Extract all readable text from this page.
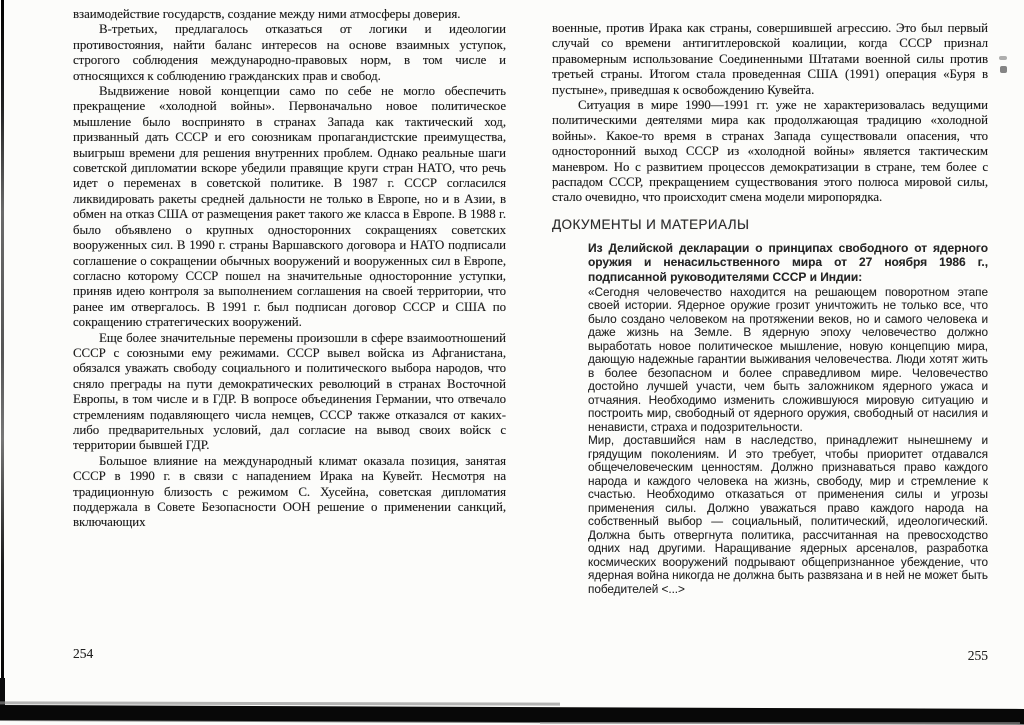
взаимодействие государств, создание между ними атмосферы доверия.

В-третьих, предлагалось отказаться от логики и идеологии противостояния, найти баланс интересов на основе взаимных уступок, строгого соблюдения международно-правовых норм, в том числе и относящихся к соблюдению гражданских прав и свобод.

Выдвижение новой концепции само по себе не могло обеспечить прекращение «холодной войны». Первоначально новое политическое мышление было воспринято в странах Запада как тактический ход, призванный дать СССР и его союзникам пропагандистские преимущества, выигрыш времени для решения внутренних проблем. Однако реальные шаги советской дипломатии вскоре убедили правящие круги стран НАТО, что речь идет о переменах в советской политике. В 1987 г. СССР согласился ликвидировать ракеты средней дальности не только в Европе, но и в Азии, в обмен на отказ США от размещения ракет такого же класса в Европе. В 1988 г. было объявлено о крупных односторонних сокращениях советских вооруженных сил. В 1990 г. страны Варшавского договора и НАТО подписали соглашение о сокращении обычных вооружений и вооруженных сил в Европе, согласно которому СССР пошел на значительные односторонние уступки, приняв идею контроля за выполнением соглашения на своей территории, что ранее им отвергалось. В 1991 г. был подписан договор СССР и США по сокращению стратегических вооружений.

Еще более значительные перемены произошли в сфере взаимоотношений СССР с союзными ему режимами. СССР вывел войска из Афганистана, обязался уважать свободу социального и политического выбора народов, что сняло преграды на пути демократических революций в странах Восточной Европы, в том числе и в ГДР. В вопросе объединения Германии, что отвечало стремлениям подавляющего числа немцев, СССР также отказался от каких-либо предварительных условий, дал согласие на вывод своих войск с территории бывшей ГДР.

Большое влияние на международный климат оказала позиция, занятая СССР в 1990 г. в связи с нападением Ирака на Кувейт. Несмотря на традиционную близость с режимом С. Хусейна, советская дипломатия поддержала в Совете Безопасности ООН решение о применении санкций, включающих

254

военные, против Ирака как страны, совершившей агрессию. Это был первый случай со времени антигитлеровской коалиции, когда СССР признал правомерным использование Соединенными Штатами военной силы против третьей страны. Итогом стала проведенная США (1991) операция «Буря в пустыне», приведшая к освобождению Кувейта.

Ситуация в мире 1990—1991 гг. уже не характеризовалась ведущими политическими деятелями мира как продолжающая традицию «холодной войны». Какое-то время в странах Запада существовали опасения, что односторонний выход СССР из «холодной войны» является тактическим маневром. Но с развитием процессов демократизации в стране, тем более с распадом СССР, прекращением существования этого полюса мировой силы, стало очевидно, что происходит смена модели миропорядка.

ДОКУМЕНТЫ И МАТЕРИАЛЫ

Из Делийской декларации о принципах свободного от ядерного оружия и ненасильственного мира от 27 ноября 1986 г., подписанной руководителями СССР и Индии:

«Сегодня человечество находится на решающем поворотном этапе своей истории. Ядерное оружие грозит уничтожить не только все, что было создано человеком на протяжении веков, но и самого человека и даже жизнь на Земле. В ядерную эпоху человечество должно выработать новое политическое мышление, новую концепцию мира, дающую надежные гарантии выживания человечества. Люди хотят жить в более безопасном и более справедливом мире. Человечество достойно лучшей участи, чем быть заложником ядерного ужаса и отчаяния. Необходимо изменить сложившуюся мировую ситуацию и построить мир, свободный от ядерного оружия, свободный от насилия и ненависти, страха и подозрительности.

Мир, доставшийся нам в наследство, принадлежит нынешнему и грядущим поколениям. И это требует, чтобы приоритет отдавался общечеловеческим ценностям. Должно признаваться право каждого народа и каждого человека на жизнь, свободу, мир и стремление к счастью. Необходимо отказаться от применения силы и угрозы применения силы. Должно уважаться право каждого народа на собственный выбор — социальный, политический, идеологический. Должна быть отвергнута политика, рассчитанная на превосходство одних над другими. Наращивание ядерных арсеналов, разработка космических вооружений подрывают общепризнанное убеждение, что ядерная война никогда не должна быть развязана и в ней не может быть победителей <...>

255
